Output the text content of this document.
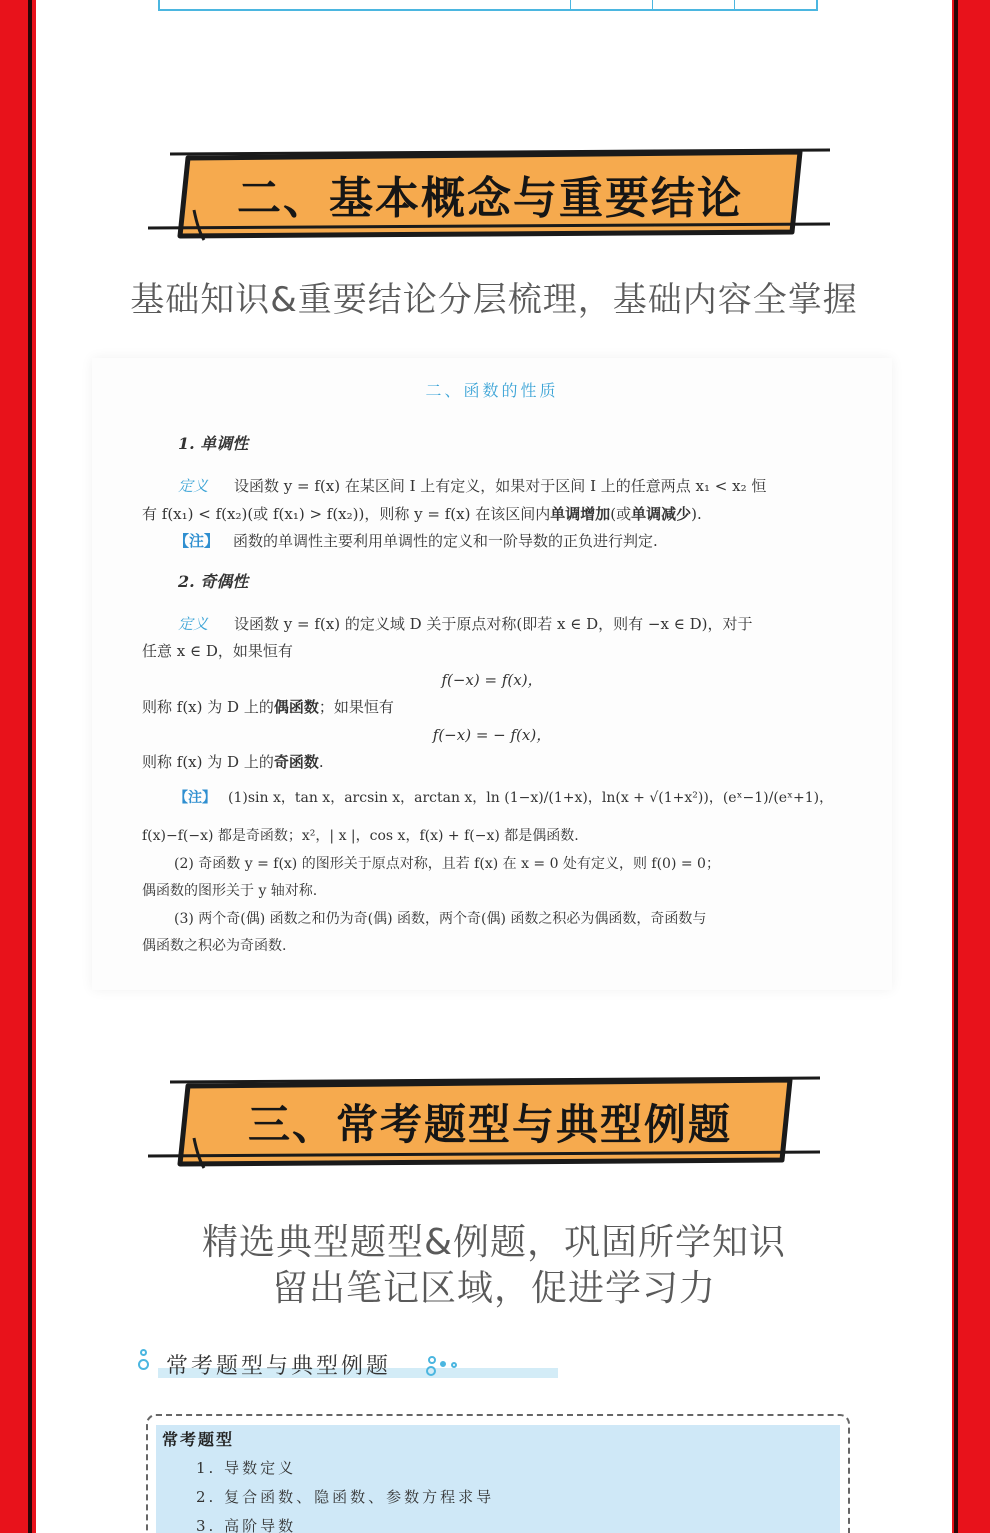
二、基本概念与重要结论
基础知识&重要结论分层梳理，基础内容全掌握
二、函数的性质
1. 单调性
定义 设函数 y = f(x) 在某区间 I 上有定义，如果对于区间 I 上的任意两点 x₁ < x₂ 恒
有 f(x₁) < f(x₂)(或 f(x₁) > f(x₂))，则称 y = f(x) 在该区间内单调增加(或单调减少).
【注】 函数的单调性主要利用单调性的定义和一阶导数的正负进行判定.
2. 奇偶性
定义 设函数 y = f(x) 的定义域 D 关于原点对称(即若 x ∈ D，则有 −x ∈ D)，对于
任意 x ∈ D，如果恒有
f(−x) = f(x)，
则称 f(x) 为 D 上的偶函数；如果恒有
f(−x) = − f(x)，
则称 f(x) 为 D 上的奇函数.
【注】 (1)sin x，tan x，arcsin x，arctan x，ln (1−x)/(1+x)，ln(x + √(1+x²))，(eˣ−1)/(eˣ+1)，
f(x)−f(−x) 都是奇函数；x²，| x |，cos x，f(x) + f(−x) 都是偶函数.
(2) 奇函数 y = f(x) 的图形关于原点对称，且若 f(x) 在 x = 0 处有定义，则 f(0) = 0；
偶函数的图形关于 y 轴对称.
(3) 两个奇(偶) 函数之和仍为奇(偶) 函数，两个奇(偶) 函数之积必为偶函数，奇函数与
偶函数之积必为奇函数.
三、常考题型与典型例题
精选典型题型&例题，巩固所学知识
留出笔记区域，促进学习力
常考题型与典型例题
常考题型
1. 导数定义
2. 复合函数、隐函数、参数方程求导
3. 高阶导数
